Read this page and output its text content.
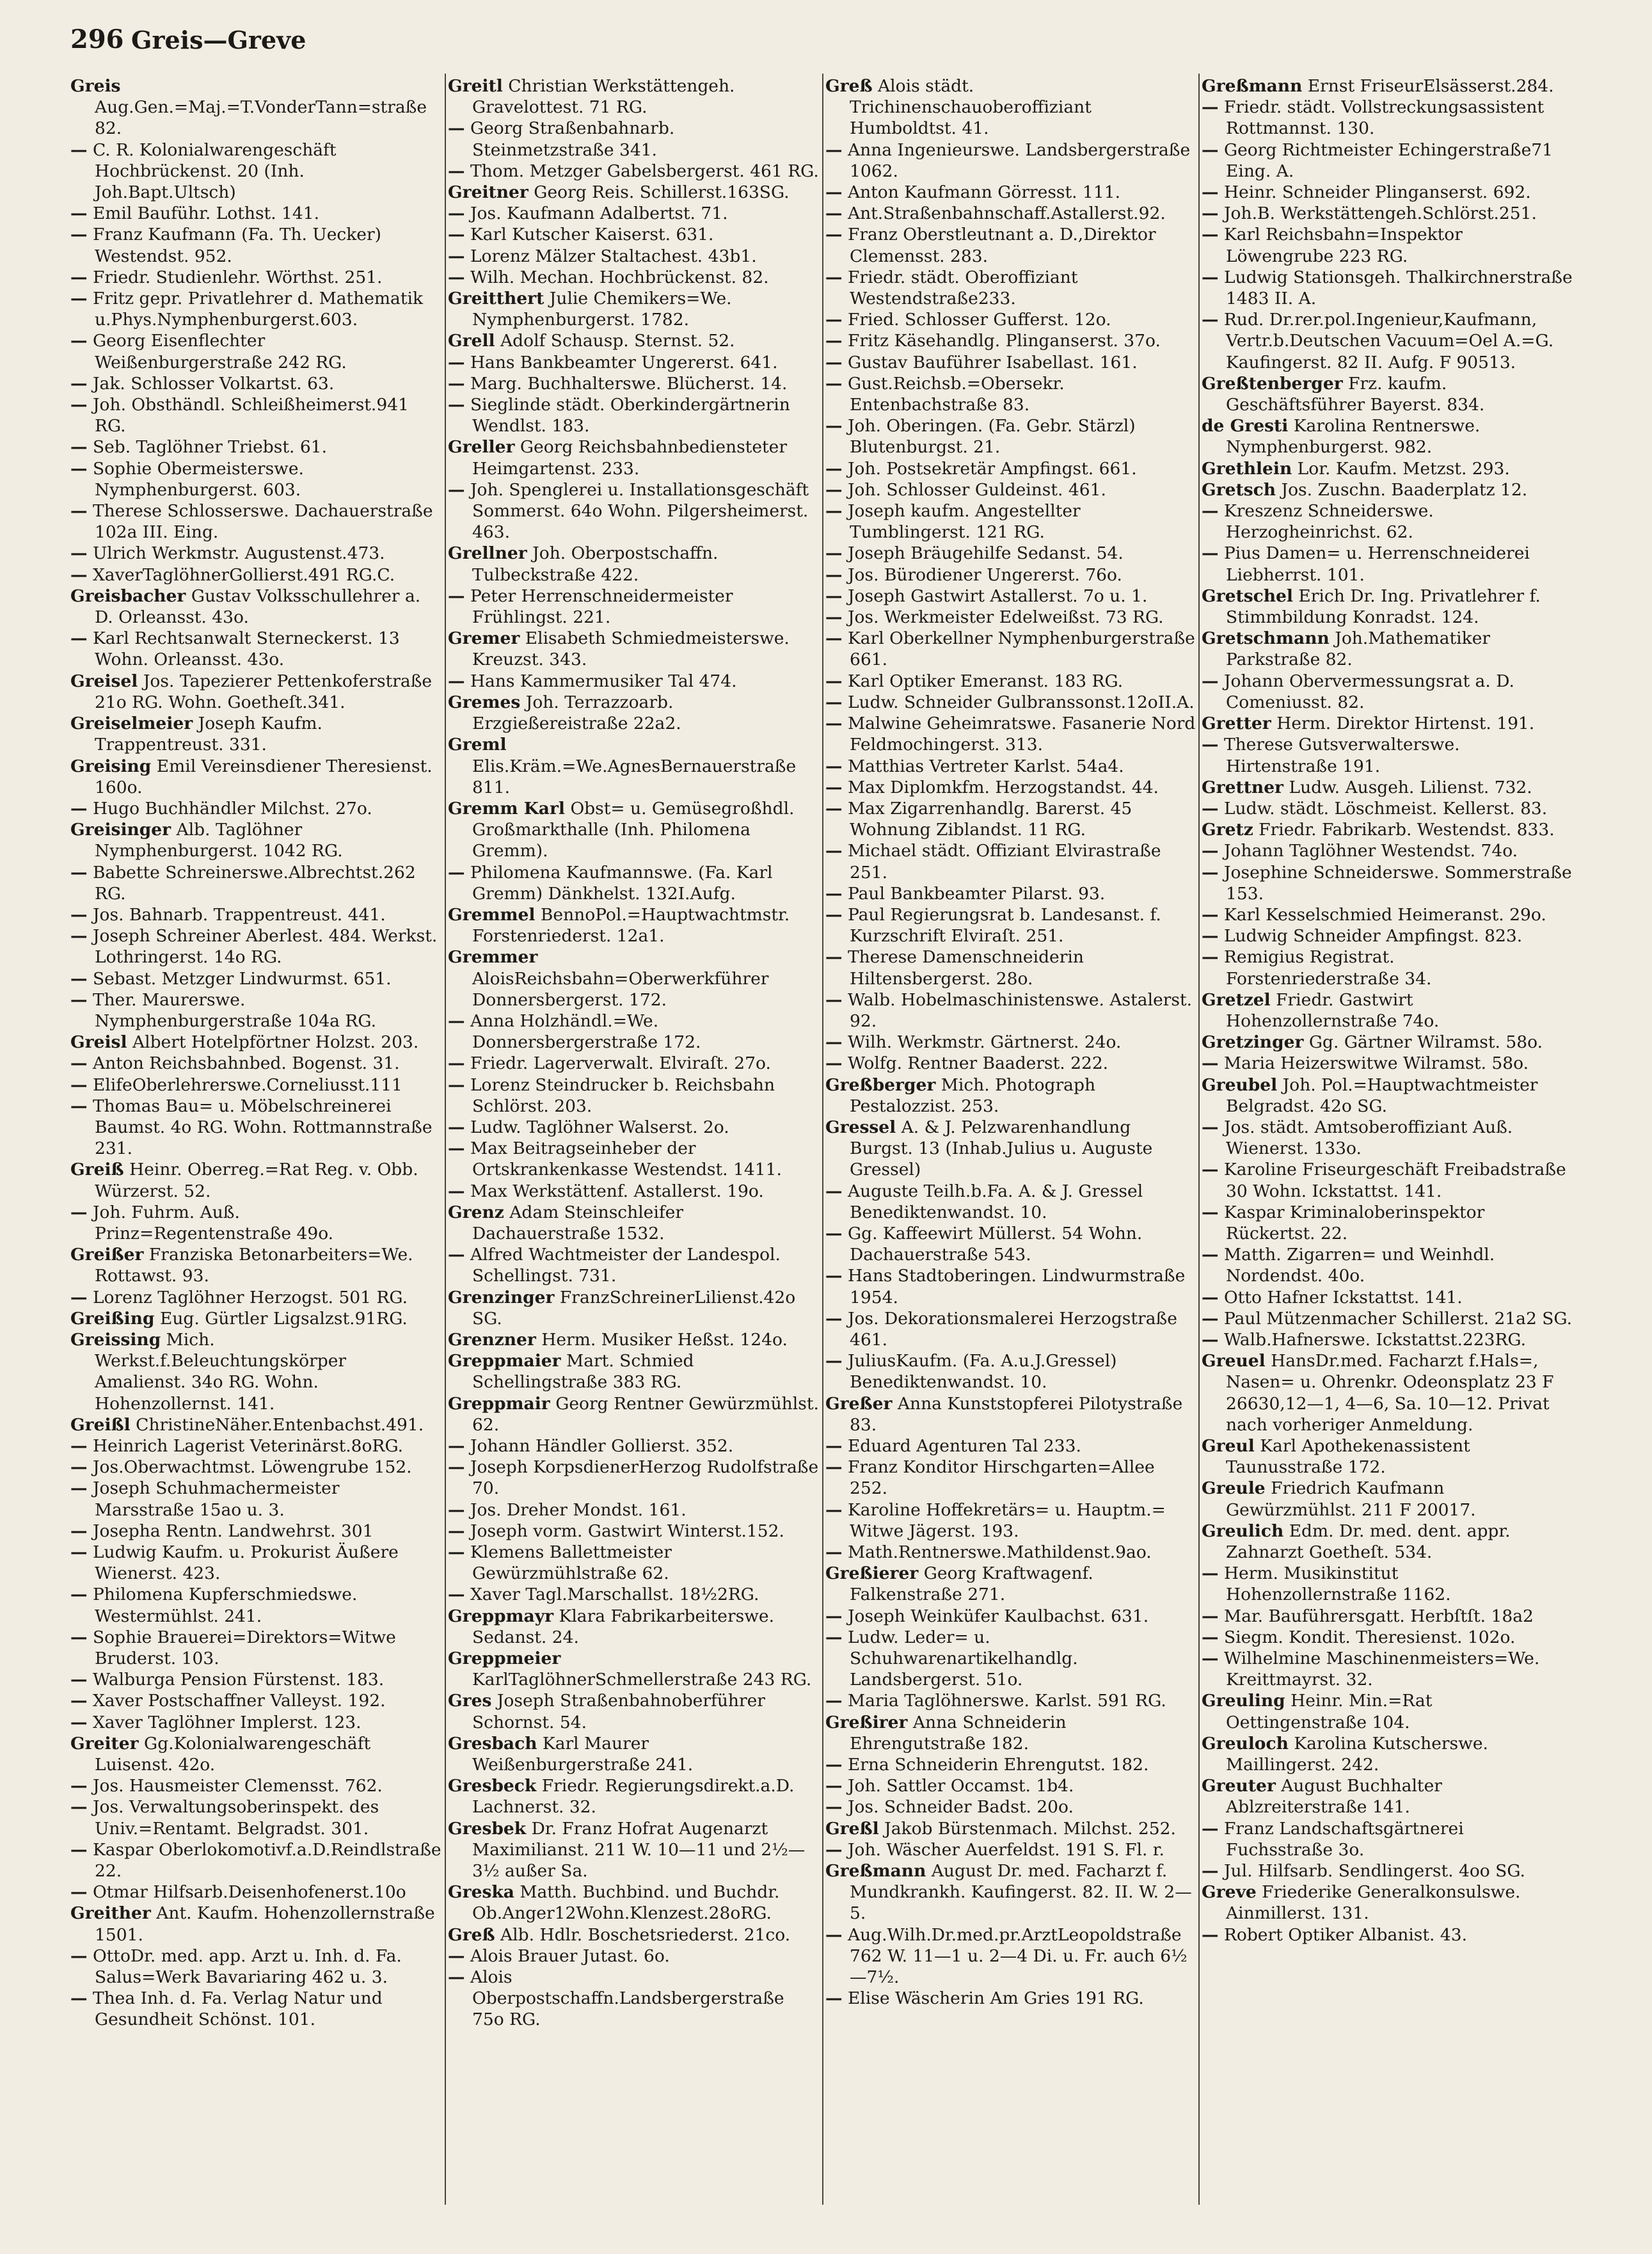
296 Greis—Greve

Greis Aug.Gen.=Maj.=T.VonderTann=straße 82.

— C. R. Kolonialwarengeschäft Hochbrückenst. 20 (Inh. Joh.Bapt.Ultsch)

— Emil Bauführ. Lothst. 141.

— Franz Kaufmann (Fa. Th. Uecker) Westendst. 952.

— Friedr. Studienlehr. Wörthst. 251.

— Fritz gepr. Privatlehrer d. Mathematik u.Phys.Nymphenburgerst.603.

— Georg Eisenflechter Weißenburgerstraße 242 RG.

— Jak. Schlosser Volkartst. 63.

— Joh. Obsthändl. Schleißheimerst.941 RG.

— Seb. Taglöhner Triebst. 61.

— Sophie Obermeisterswe. Nymphenburgerst. 603.

— Therese Schlosserswe. Dachauerstraße 102a III. Eing.

— Ulrich Werkmstr. Augustenst.473.

— XaverTaglöhnerGollierst.491 RG.C.

Greisbacher Gustav Volksschullehrer a. D. Orleansst. 43o.

— Karl Rechtsanwalt Sterneckerst. 13 Wohn. Orleansst. 43o.

Greisel Jos. Tapezierer Pettenkoferstraße 21o RG. Wohn. Goetheſt.341.

Greiselmeier Joseph Kaufm. Trappentreust. 331.

Greising Emil Vereinsdiener Theresienst. 160o.

— Hugo Buchhändler Milchst. 27o.

Greisinger Alb. Taglöhner Nymphenburgerst. 1042 RG.

— Babette Schreinerswe.Albrechtst.262 RG.

— Jos. Bahnarb. Trappentreust. 441.

— Joseph Schreiner Aberlest. 484. Werkst. Lothringerst. 14o RG.

— Sebast. Metzger Lindwurmst. 651.

— Ther. Maurerswe. Nymphenburgerstraße 104a RG.

Greisl Albert Hotelpförtner Holzst. 203.

— Anton Reichsbahnbed. Bogenst. 31.

— ElifeOberlehrerswe.Corneliusst.111

— Thomas Bau= u. Möbelschreinerei Baumst. 4o RG. Wohn. Rottmannstraße 231.

Greiß Heinr. Oberreg.=Rat Reg. v. Obb. Würzerst. 52.

— Joh. Fuhrm. Auß. Prinz=Regentenstraße 49o.

Greißer Franziska Betonarbeiters=We. Rottawst. 93.

— Lorenz Taglöhner Herzogst. 501 RG.

Greißing Eug. Gürtler Ligsalzst.91RG.

Greissing Mich. Werkst.f.Beleuchtungskörper Amalienst. 34o RG. Wohn. Hohenzollernst. 141.

Greißl ChristineNäher.Entenbachst.491.

— Heinrich Lagerist Veterinärst.8oRG.

— Jos.Oberwachtmst. Löwengrube 152.

— Joseph Schuhmachermeister Marsstraße 15ao u. 3.

— Josepha Rentn. Landwehrst. 301

— Ludwig Kaufm. u. Prokurist Äußere Wienerst. 423.

— Philomena Kupferschmiedswe. Westermühlst. 241.

— Sophie Brauerei=Direktors=Witwe Bruderst. 103.

— Walburga Pension Fürstenst. 183.

— Xaver Postschaffner Valleyst. 192.

— Xaver Taglöhner Implerst. 123.

Greiter Gg.Kolonialwarengeschäft Luisenst. 42o.

— Jos. Hausmeister Clemensst. 762.

— Jos. Verwaltungsoberinspekt. des Univ.=Rentamt. Belgradst. 301.

— Kaspar Oberlokomotivf.a.D.Reindlstraße 22.

— Otmar Hilfsarb.Deisenhofenerst.10o

Greither Ant. Kaufm. Hohenzollernstraße 1501.

— OttoDr. med. app. Arzt u. Inh. d. Fa. Salus=Werk Bavariaring 462 u. 3.

— Thea Inh. d. Fa. Verlag Natur und Gesundheit Schönst. 101.

Greitl Christian Werkstättengeh. Gravelottest. 71 RG.

— Georg Straßenbahnarb. Steinmetzstraße 341.

— Thom. Metzger Gabelsbergerst. 461 RG.

Greitner Georg Reis. Schillerst.163SG.

— Jos. Kaufmann Adalbertst. 71.

— Karl Kutscher Kaiserst. 631.

— Lorenz Mälzer Staltachest. 43b1.

— Wilh. Mechan. Hochbrückenst. 82.

Greitthert Julie Chemikers=We. Nymphenburgerst. 1782.

Grell Adolf Schausp. Sternst. 52.

— Hans Bankbeamter Ungererst. 641.

— Marg. Buchhalterswe. Blücherst. 14.

— Sieglinde städt. Oberkindergärtnerin Wendlst. 183.

Greller Georg Reichsbahnbediensteter Heimgartenst. 233.

— Joh. Spenglerei u. Installationsgeschäft Sommerst. 64o Wohn. Pilgersheimerst. 463.

Grellner Joh. Oberpostschaffn. Tulbeckstraße 422.

— Peter Herrenschneidermeister Frühlingst. 221.

Gremer Elisabeth Schmiedmeisterswe. Kreuzst. 343.

— Hans Kammermusiker Tal 474.

Gremes Joh. Terrazzoarb. Erzgießereistraße 22a2.

Greml Elis.Kräm.=We.AgnesBernauerstraße 811.

Gremm Karl Obst= u. Gemüsegroßhdl. Großmarkthalle (Inh. Philomena Gremm).

— Philomena Kaufmannswe. (Fa. Karl Gremm) Dänkhelst. 132I.Aufg.

Gremmel BennoPol.=Hauptwachtmstr. Forstenriederst. 12a1.

Gremmer AloisReichsbahn=Oberwerkführer Donnersbergerst. 172.

— Anna Holzhändl.=We. Donnersbergerstraße 172.

— Friedr. Lagerverwalt. Elviraſt. 27o.

— Lorenz Steindrucker b. Reichsbahn Schlörst. 203.

— Ludw. Taglöhner Walserst. 2o.

— Max Beitragseinheber der Ortskrankenkasse Westendst. 1411.

— Max Werkstättenf. Astallerst. 19o.

Grenz Adam Steinschleifer Dachauerstraße 1532.

— Alfred Wachtmeister der Landespol. Schellingst. 731.

Grenzinger FranzSchreinerLilienst.42o SG.

Grenzner Herm. Musiker Heßst. 124o.

Greppmaier Mart. Schmied Schellingstraße 383 RG.

Greppmair Georg Rentner Gewürzmühlst. 62.

— Johann Händler Gollierst. 352.

— Joseph KorpsdienerHerzog Rudolfstraße 70.

— Jos. Dreher Mondst. 161.

— Joseph vorm. Gastwirt Winterst.152.

— Klemens Ballettmeister Gewürzmühlstraße 62.

— Xaver Tagl.Marschallst. 18½2RG.

Greppmayr Klara Fabrikarbeiterswe. Sedanst. 24.

Greppmeier KarlTaglöhnerSchmellerstraße 243 RG.

Gres Joseph Straßenbahnoberführer Schornst. 54.

Gresbach Karl Maurer Weißenburgerstraße 241.

Gresbeck Friedr. Regierungsdirekt.a.D. Lachnerst. 32.

Gresbek Dr. Franz Hofrat Augenarzt Maximilianst. 211 W. 10—11 und 2½—3½ außer Sa.

Greska Matth. Buchbind. und Buchdr. Ob.Anger12Wohn.Klenzest.28oRG.

Greß Alb. Hdlr. Boschetsriederst. 21co.

— Alois Brauer Jutast. 6o.

— Alois Oberpostschaffn.Landsbergerstraße 75o RG.

Greß Alois städt. Trichinenschauoberoffiziant Humboldtst. 41.

— Anna Ingenieurswe. Landsbergerstraße 1062.

— Anton Kaufmann Görresst. 111.

— Ant.Straßenbahnschaff.Astallerst.92.

— Franz Oberstleutnant a. D.,Direktor Clemensst. 283.

— Friedr. städt. Oberoffiziant Westendstraße233.

— Fried. Schlosser Gufferst. 12o.

— Fritz Käsehandlg. Plinganserst. 37o.

— Gustav Bauführer Isabellast. 161.

— Gust.Reichsb.=Obersekr. Entenbachstraße 83.

— Joh. Oberingen. (Fa. Gebr. Stärzl) Blutenburgst. 21.

— Joh. Postsekretär Ampfingst. 661.

— Joh. Schlosser Guldeinst. 461.

— Joseph kaufm. Angestellter Tumblingerst. 121 RG.

— Joseph Bräugehilfe Sedanst. 54.

— Jos. Bürodiener Ungererst. 76o.

— Joseph Gastwirt Astallerst. 7o u. 1.

— Jos. Werkmeister Edelweißst. 73 RG.

— Karl Oberkellner Nymphenburgerstraße 661.

— Karl Optiker Emeranst. 183 RG.

— Ludw. Schneider Gulbranssonst.12oII.A.

— Malwine Geheimratswe. Fasanerie Nord Feldmochingerst. 313.

— Matthias Vertreter Karlst. 54a4.

— Max Diplomkfm. Herzogstandst. 44.

— Max Zigarrenhandlg. Barerst. 45 Wohnung Ziblandst. 11 RG.

— Michael städt. Offiziant Elvirastraße 251.

— Paul Bankbeamter Pilarst. 93.

— Paul Regierungsrat b. Landesanst. f. Kurzschrift Elviraſt. 251.

— Therese Damenschneiderin Hiltensbergerst. 28o.

— Walb. Hobelmaschinistenswe. Astalerst. 92.

— Wilh. Werkmstr. Gärtnerst. 24o.

— Wolfg. Rentner Baaderst. 222.

Greßberger Mich. Photograph Pestalozzist. 253.

Gressel A. & J. Pelzwarenhandlung Burgst. 13 (Inhab.Julius u. Auguste Gressel)

— Auguste Teilh.b.Fa. A. & J. Gressel Benediktenwandst. 10.

— Gg. Kaffeewirt Müllerst. 54 Wohn. Dachauerstraße 543.

— Hans Stadtoberingen. Lindwurmstraße 1954.

— Jos. Dekorationsmalerei Herzogstraße 461.

— JuliusKaufm. (Fa. A.u.J.Gressel) Benediktenwandst. 10.

Greßer Anna Kunststopferei Pilotystraße 83.

— Eduard Agenturen Tal 233.

— Franz Konditor Hirschgarten=Allee 252.

— Karoline Hoffekretärs= u. Hauptm.= Witwe Jägerst. 193.

— Math.Rentnerswe.Mathildenst.9ao.

Greßierer Georg Kraftwagenf. Falkenstraße 271.

— Joseph Weinküfer Kaulbachst. 631.

— Ludw. Leder= u. Schuhwarenartikelhandlg. Landsbergerst. 51o.

— Maria Taglöhnerswe. Karlst. 591 RG.

Greßirer Anna Schneiderin Ehrengutstraße 182.

— Erna Schneiderin Ehrengutst. 182.

— Joh. Sattler Occamst. 1b4.

— Jos. Schneider Badst. 20o.

Greßl Jakob Bürstenmach. Milchst. 252.

— Joh. Wäscher Auerfeldst. 191 S. Fl. r.

Greßmann August Dr. med. Facharzt f. Mundkrankh. Kaufingerst. 82. II. W. 2—5.

— Aug.Wilh.Dr.med.pr.ArztLeopoldstraße 762 W. 11—1 u. 2—4 Di. u. Fr. auch 6½—7½.

— Elise Wäscherin Am Gries 191 RG.

Greßmann Ernst FriseurElsässerst.284.

— Friedr. städt. Vollstreckungsassistent Rottmannst. 130.

— Georg Richtmeister Echingerstraße71 Eing. A.

— Heinr. Schneider Plinganserst. 692.

— Joh.B. Werkstättengeh.Schlörst.251.

— Karl Reichsbahn=Inspektor Löwengrube 223 RG.

— Ludwig Stationsgeh. Thalkirchnerstraße 1483 II. A.

— Rud. Dr.rer.pol.Ingenieur,Kaufmann, Vertr.b.Deutschen Vacuum=Oel A.=G. Kaufingerst. 82 II. Aufg. F 90513.

Greßtenberger Frz. kaufm. Geschäftsführer Bayerst. 834.

de Gresti Karolina Rentnerswe. Nymphenburgerst. 982.

Grethlein Lor. Kaufm. Metzst. 293.

Gretsch Jos. Zuschn. Baaderplatz 12.

— Kreszenz Schneiderswe. Herzogheinrichst. 62.

— Pius Damen= u. Herrenschneiderei Liebherrst. 101.

Gretschel Erich Dr. Ing. Privatlehrer f. Stimmbildung Konradst. 124.

Gretschmann Joh.Mathematiker Parkstraße 82.

— Johann Obervermessungsrat a. D. Comeniusst. 82.

Gretter Herm. Direktor Hirtenst. 191.

— Therese Gutsverwalterswe. Hirtenstraße 191.

Grettner Ludw. Ausgeh. Lilienst. 732.

— Ludw. städt. Löschmeist. Kellerst. 83.

Gretz Friedr. Fabrikarb. Westendst. 833.

— Johann Taglöhner Westendst. 74o.

— Josephine Schneiderswe. Sommerstraße 153.

— Karl Kesselschmied Heimeranst. 29o.

— Ludwig Schneider Ampfingst. 823.

— Remigius Registrat. Forstenriederstraße 34.

Gretzel Friedr. Gastwirt Hohenzollernstraße 74o.

Gretzinger Gg. Gärtner Wilramst. 58o.

— Maria Heizerswitwe Wilramst. 58o.

Greubel Joh. Pol.=Hauptwachtmeister Belgradst. 42o SG.

— Jos. städt. Amtsoberoffiziant Auß. Wienerst. 133o.

— Karoline Friseurgeschäft Freibadstraße 30 Wohn. Ickstattst. 141.

— Kaspar Kriminaloberinspektor Rückertst. 22.

— Matth. Zigarren= und Weinhdl. Nordendst. 40o.

— Otto Hafner Ickstattst. 141.

— Paul Mützenmacher Schillerst. 21a2 SG.

— Walb.Hafnerswe. Ickstattst.223RG.

Greuel HansDr.med. Facharzt f.Hals=, Nasen= u. Ohrenkr. Odeonsplatz 23 F 26630,12—1, 4—6, Sa. 10—12. Privat nach vorheriger Anmeldung.

Greul Karl Apothekenassistent Taunusstraße 172.

Greule Friedrich Kaufmann Gewürzmühlst. 211 F 20017.

Greulich Edm. Dr. med. dent. appr. Zahnarzt Goetheſt. 534.

— Herm. Musikinstitut Hohenzollernstraße 1162.

— Mar. Bauführersgatt. Herbſtſt. 18a2

— Siegm. Kondit. Theresienst. 102o.

— Wilhelmine Maschinenmeisters=We. Kreittmayrst. 32.

Greuling Heinr. Min.=Rat Oettingenstraße 104.

Greuloch Karolina Kutscherswe. Maillingerst. 242.

Greuter August Buchhalter Ablzreiterstraße 141.

— Franz Landschaftsgärtnerei Fuchsstraße 3o.

— Jul. Hilfsarb. Sendlingerst. 4oo SG.

Greve Friederike Generalkonsulswe. Ainmillerst. 131.

— Robert Optiker Albanist. 43.
